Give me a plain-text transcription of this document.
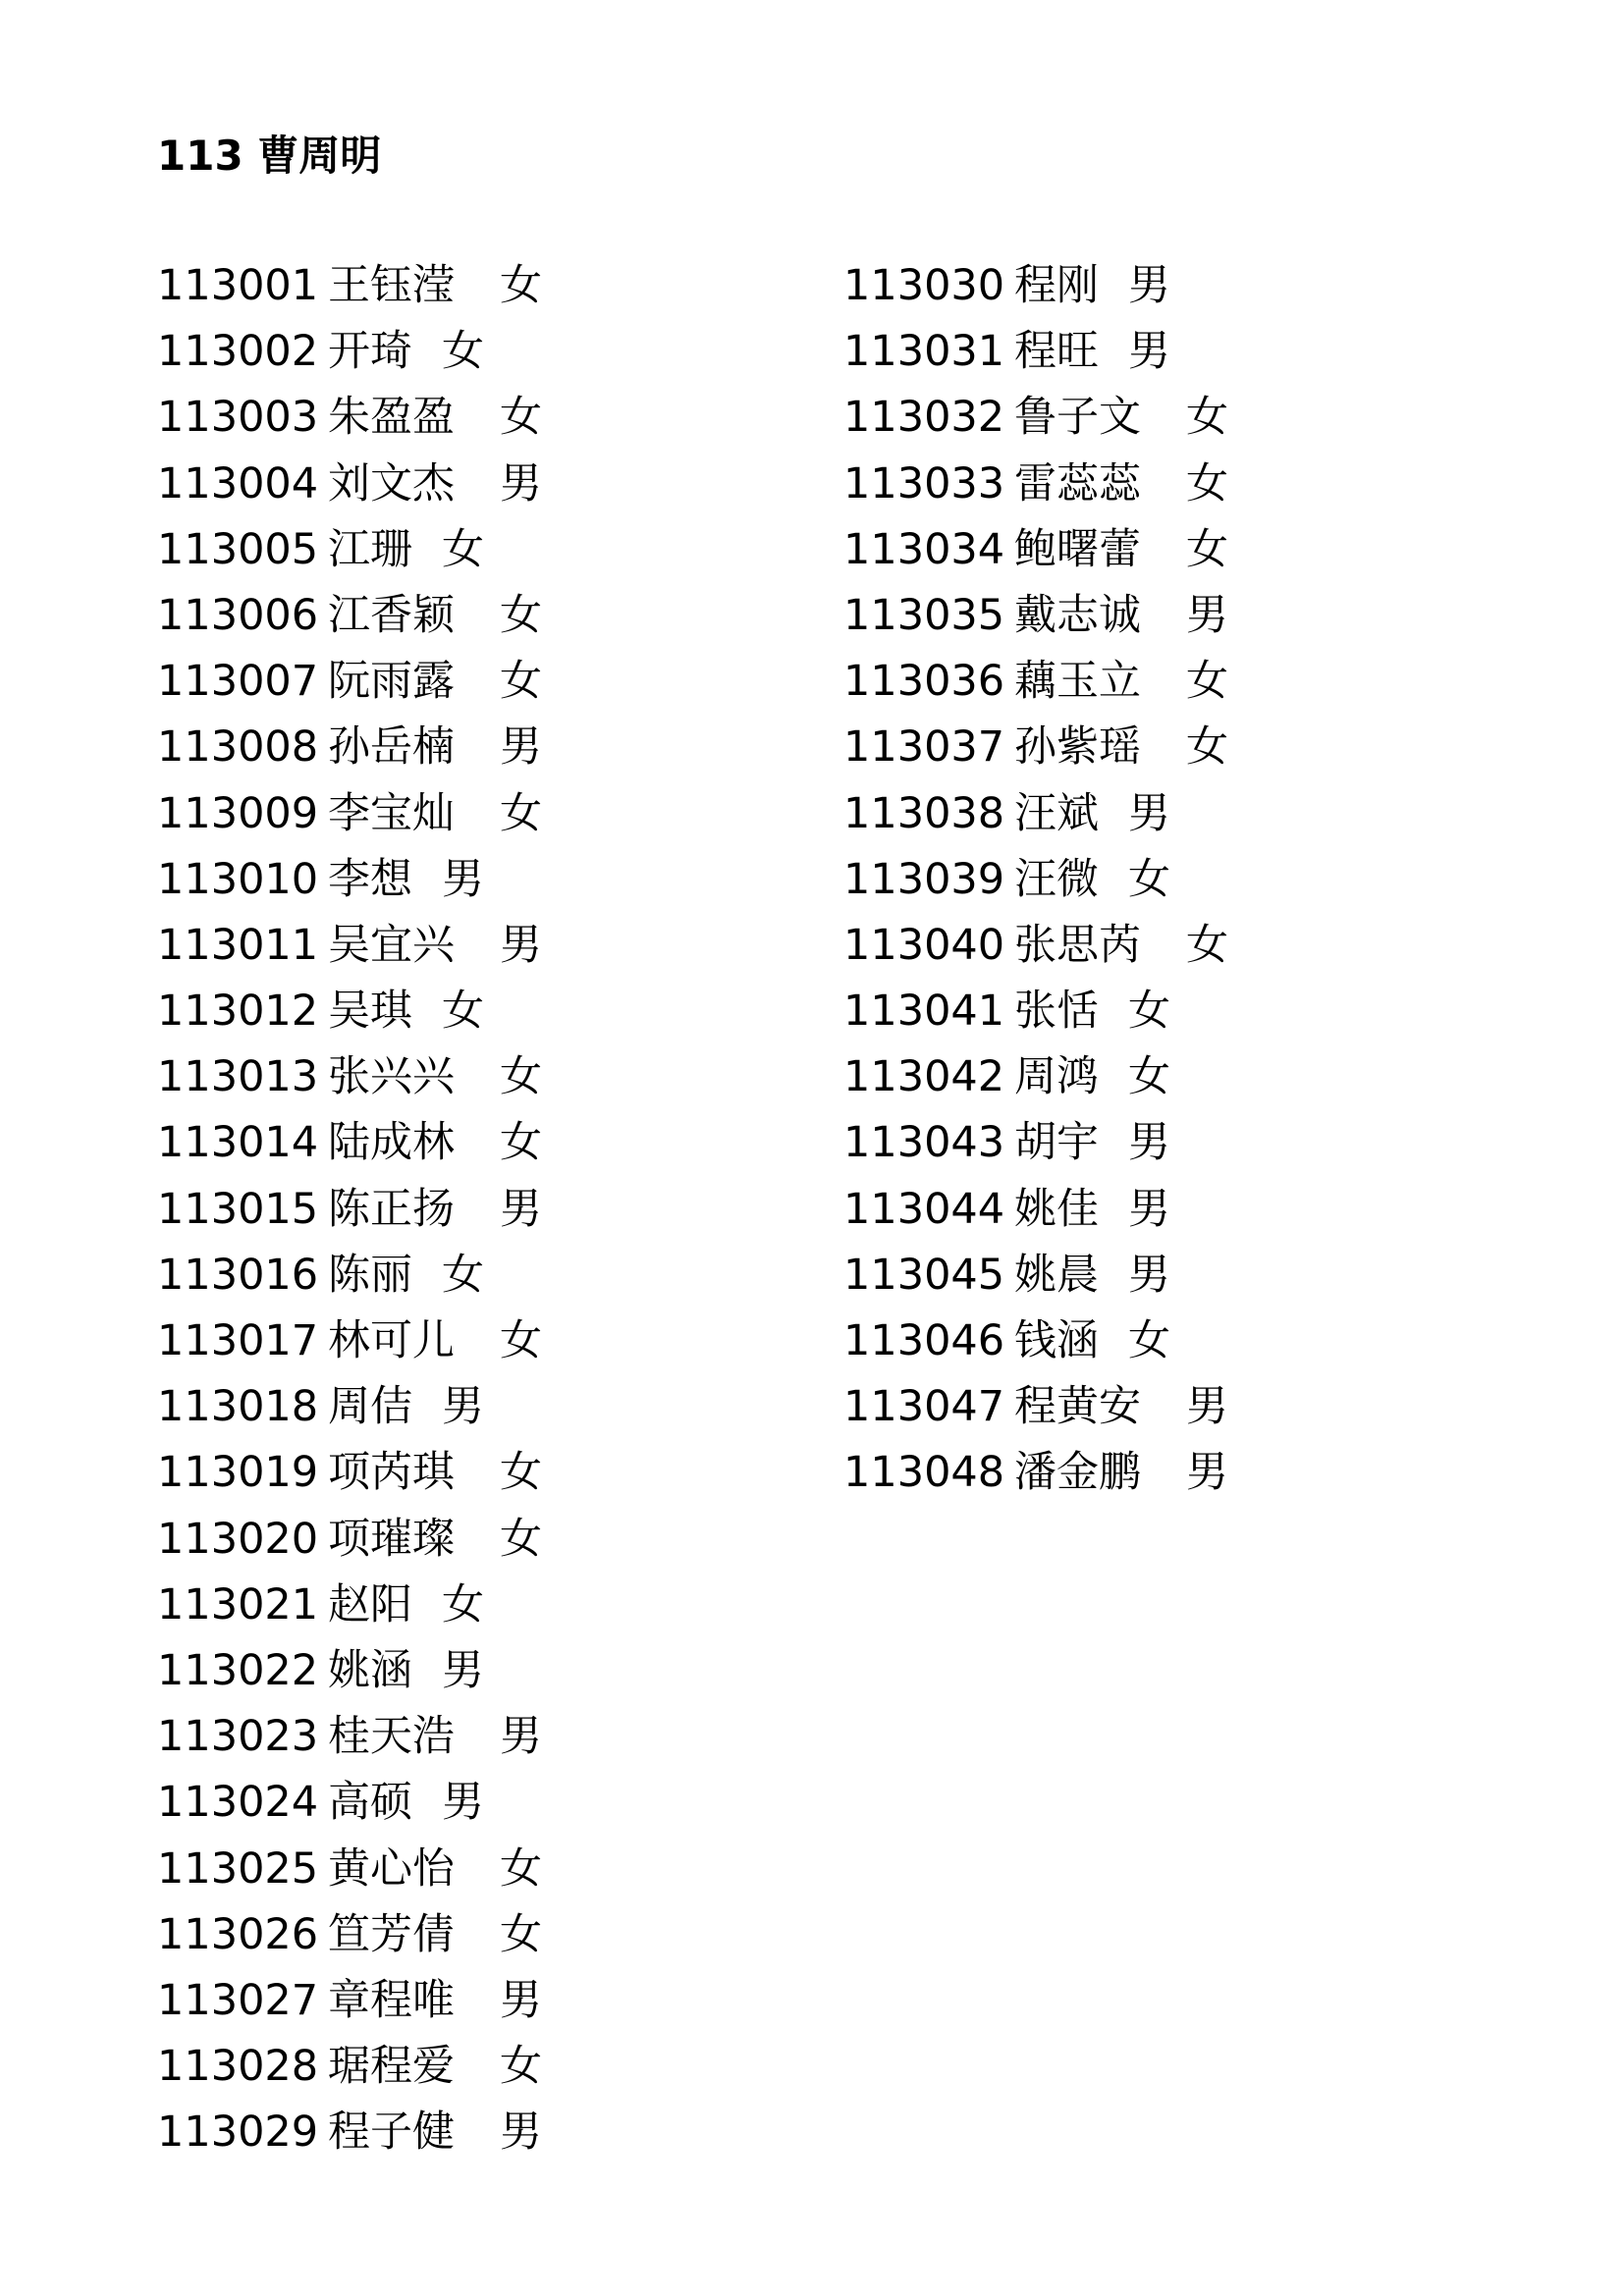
113 曹周明
113001 王钰滢 女
113002 开琦 女
113003 朱盈盈 女
113004 刘文杰 男
113005 江珊 女
113006 江香颖 女
113007 阮雨露 女
113008 孙岳楠 男
113009 李宝灿 女
113010 李想 男
113011 吴宜兴 男
113012 吴琪 女
113013 张兴兴 女
113014 陆成林 女
113015 陈正扬 男
113016 陈丽 女
113017 林可儿 女
113018 周佶 男
113019 项芮琪 女
113020 项璀璨 女
113021 赵阳 女
113022 姚涵 男
113023 桂天浩 男
113024 高硕 男
113025 黄心怡 女
113026 笪芳倩 女
113027 章程唯 男
113028 琚程爱 女
113029 程子健 男
113030 程刚 男
113031 程旺 男
113032 鲁子文 女
113033 雷蕊蕊 女
113034 鲍曙蕾 女
113035 戴志诚 男
113036 藕玉立 女
113037 孙紫瑶 女
113038 汪斌 男
113039 汪微 女
113040 张思芮 女
113041 张恬 女
113042 周鸿 女
113043 胡宇 男
113044 姚佳 男
113045 姚晨 男
113046 钱涵 女
113047 程黄安 男
113048 潘金鹏 男
